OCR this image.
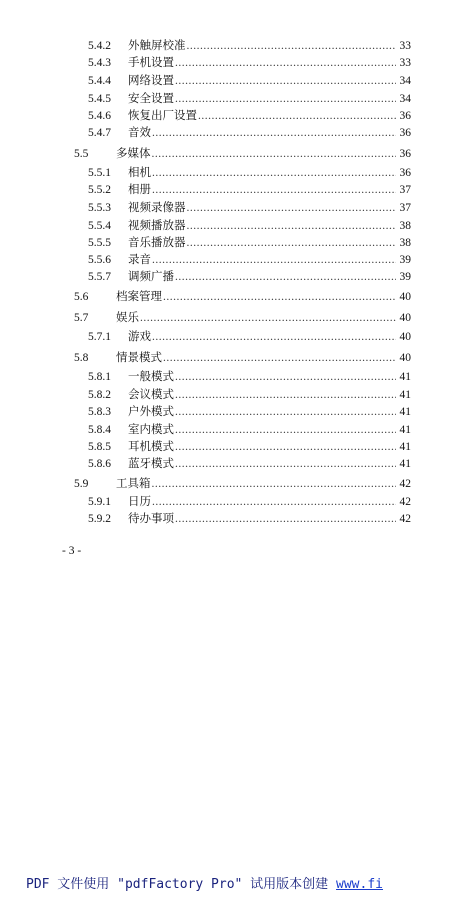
5.4.2	外触屏校准 .....	33
5.4.3	手机设置 .....	33
5.4.4	网络设置 .....	34
5.4.5	安全设置 .....	34
5.4.6	恢复出厂设置 .....	36
5.4.7	音效 .....	36
5.5	多媒体 .....	36
5.5.1	相机 .....	36
5.5.2	相册 .....	37
5.5.3	视频录像器 .....	37
5.5.4	视频播放器 .....	38
5.5.5	音乐播放器 .....	38
5.5.6	录音 .....	39
5.5.7	调频广播 .....	39
5.6	档案管理 .....	40
5.7	娱乐 .....	40
5.7.1	游戏 .....	40
5.8	情景模式 .....	40
5.8.1	一般模式 .....	41
5.8.2	会议模式 .....	41
5.8.3	户外模式 .....	41
5.8.4	室内模式 .....	41
5.8.5	耳机模式 .....	41
5.8.6	蓝牙模式 .....	41
5.9	工具箱 .....	42
5.9.1	日历 .....	42
5.9.2	待办事项 .....	42
- 3 -
PDF 文件使用 "pdfFactory Pro" 试用版本创建 www.fi
